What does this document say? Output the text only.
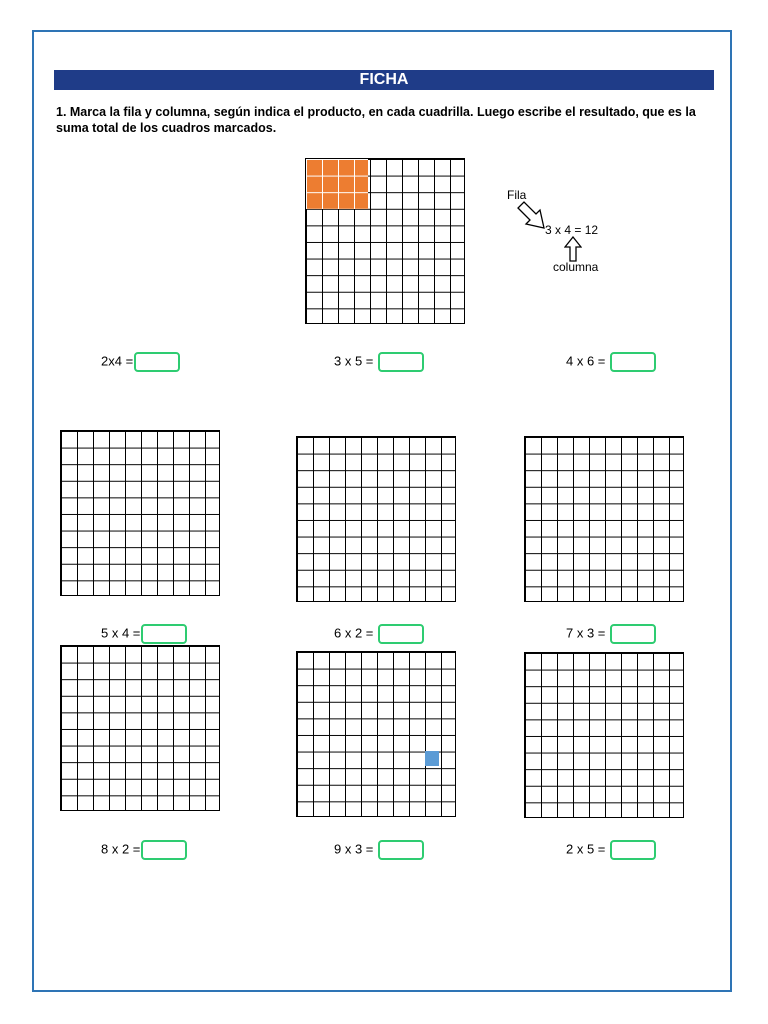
FICHA

1. Marca la fila y columna, según indica el producto, en cada cuadrilla. Luego escribe el resultado, que es la suma total de los cuadros marcados.

Fila
3 x 4 = 12
columna
2x4 =	3 x 5 =	4 x 6 =
5 x 4 =	6 x 2 =	7 x 3 =
8 x 2 =	9 x 3 =	2 x 5 =
